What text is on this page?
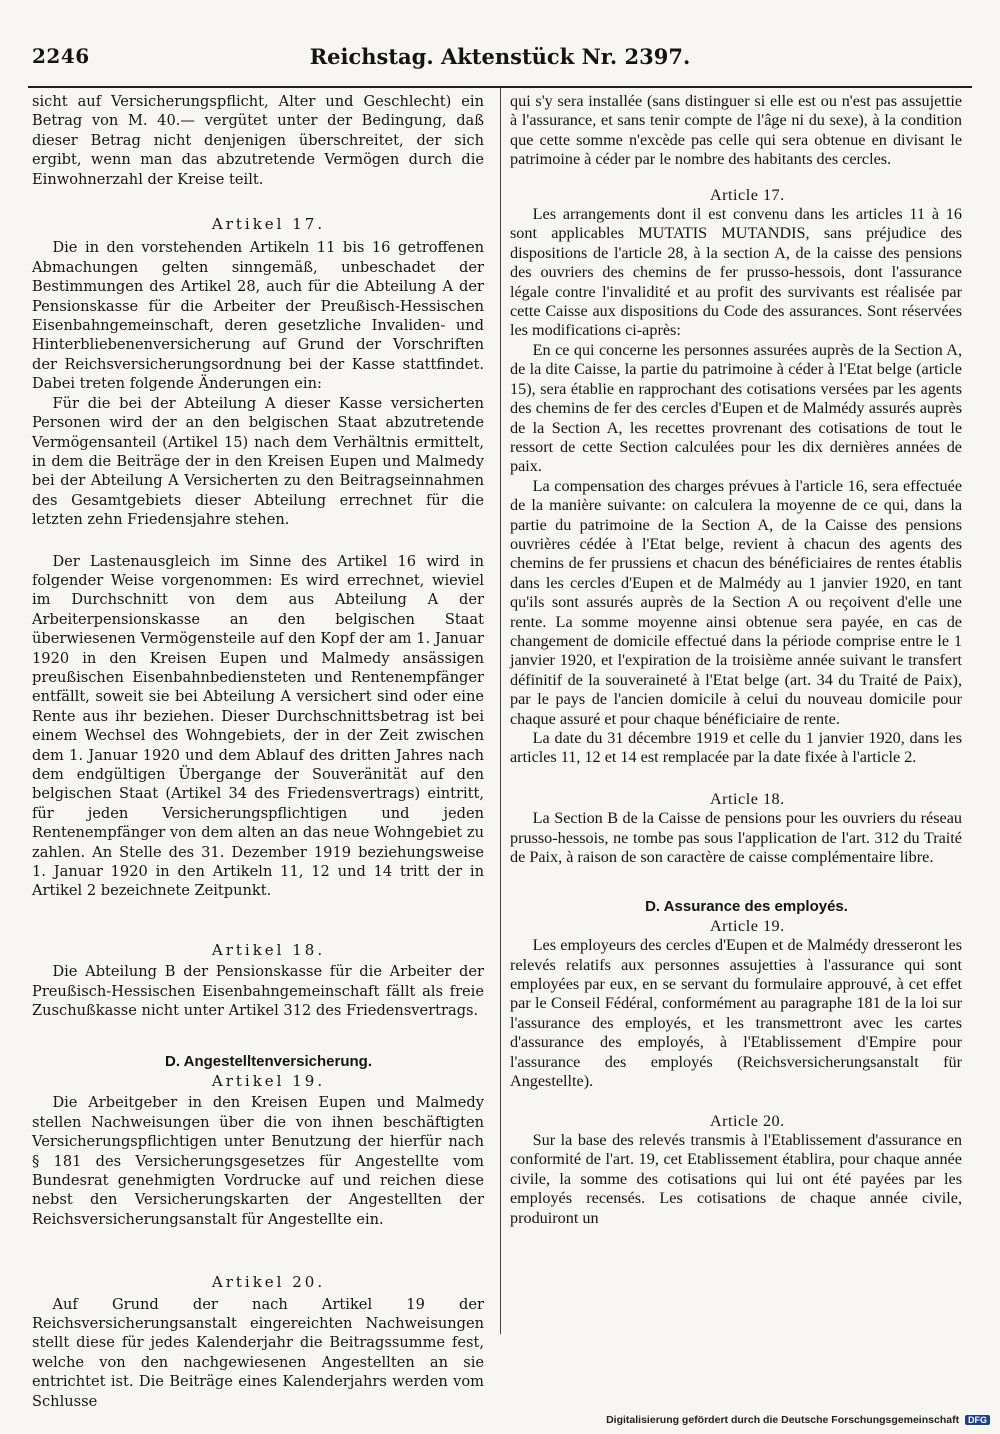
2246	Reichstag. Aktenstück Nr. 2397.

sicht auf Versicherungspflicht, Alter und Geschlecht) ein Betrag von M. 40.— vergütet unter der Bedingung, daß dieser Betrag nicht denjenigen überschreitet, der sich ergibt, wenn man das abzutretende Vermögen durch die Einwohnerzahl der Kreise teilt.

Artikel 17.

Die in den vorstehenden Artikeln 11 bis 16 getroffenen Abmachungen gelten sinngemäß, unbeschadet der Bestimmungen des Artikel 28, auch für die Abteilung A der Pensionskasse für die Arbeiter der Preußisch-Hessischen Eisenbahngemeinschaft, deren gesetzliche Invaliden- und Hinterbliebenenversicherung auf Grund der Vorschriften der Reichsversicherungsordnung bei der Kasse stattfindet. Dabei treten folgende Änderungen ein:

Für die bei der Abteilung A dieser Kasse versicherten Personen wird der an den belgischen Staat abzutretende Vermögensanteil (Artikel 15) nach dem Verhältnis ermittelt, in dem die Beiträge der in den Kreisen Eupen und Malmedy bei der Abteilung A Versicherten zu den Beitragseinnahmen des Gesamtgebiets dieser Abteilung errechnet für die letzten zehn Friedensjahre stehen.

Der Lastenausgleich im Sinne des Artikel 16 wird in folgender Weise vorgenommen: Es wird errechnet, wieviel im Durchschnitt von dem aus Abteilung A der Arbeiterpensionskasse an den belgischen Staat überwiesenen Vermögensteile auf den Kopf der am 1. Januar 1920 in den Kreisen Eupen und Malmedy ansässigen preußischen Eisenbahnbediensteten und Rentenempfänger entfällt, soweit sie bei Abteilung A versichert sind oder eine Rente aus ihr beziehen. Dieser Durchschnittsbetrag ist bei einem Wechsel des Wohngebiets, der in der Zeit zwischen dem 1. Januar 1920 und dem Ablauf des dritten Jahres nach dem endgültigen Übergange der Souveränität auf den belgischen Staat (Artikel 34 des Friedensvertrags) eintritt, für jeden Versicherungspflichtigen und jeden Rentenempfänger von dem alten an das neue Wohngebiet zu zahlen. An Stelle des 31. Dezember 1919 beziehungsweise 1. Januar 1920 in den Artikeln 11, 12 und 14 tritt der in Artikel 2 bezeichnete Zeitpunkt.

Artikel 18.

Die Abteilung B der Pensionskasse für die Arbeiter der Preußisch-Hessischen Eisenbahngemeinschaft fällt als freie Zuschußkasse nicht unter Artikel 312 des Friedensvertrags.

D. Angestelltenversicherung.

Artikel 19.

Die Arbeitgeber in den Kreisen Eupen und Malmedy stellen Nachweisungen über die von ihnen beschäftigten Versicherungspflichtigen unter Benutzung der hierfür nach § 181 des Versicherungsgesetzes für Angestellte vom Bundesrat genehmigten Vordrucke auf und reichen diese nebst den Versicherungskarten der Angestellten der Reichsversicherungsanstalt für Angestellte ein.

Artikel 20.

Auf Grund der nach Artikel 19 der Reichsversicherungsanstalt eingereichten Nachweisungen stellt diese für jedes Kalenderjahr die Beitragssumme fest, welche von den nachgewiesenen Angestellten an sie entrichtet ist. Die Beiträge eines Kalenderjahrs werden vom Schlusse

qui s'y sera installée (sans distinguer si elle est ou n'est pas assujettie à l'assurance, et sans tenir compte de l'âge ni du sexe), à la condition que cette somme n'excède pas celle qui sera obtenue en divisant le patrimoine à céder par le nombre des habitants des cercles.

Article 17.

Les arrangements dont il est convenu dans les articles 11 à 16 sont applicables MUTATIS MUTANDIS, sans préjudice des dispositions de l'article 28, à la section A, de la caisse des pensions des ouvriers des chemins de fer prusso-hessois, dont l'assurance légale contre l'invalidité et au profit des survivants est réalisée par cette Caisse aux dispositions du Code des assurances. Sont réservées les modifications ci-après:

En ce qui concerne les personnes assurées auprès de la Section A, de la dite Caisse, la partie du patrimoine à céder à l'Etat belge (article 15), sera établie en rapprochant des cotisations versées par les agents des chemins de fer des cercles d'Eupen et de Malmédy assurés auprès de la Section A, les recettes provrenant des cotisations de tout le ressort de cette Section calculées pour les dix dernières années de paix.

La compensation des charges prévues à l'article 16, sera effectuée de la manière suivante: on calculera la moyenne de ce qui, dans la partie du patrimoine de la Section A, de la Caisse des pensions ouvrières cédée à l'Etat belge, revient à chacun des agents des chemins de fer prussiens et chacun des bénéficiaires de rentes établis dans les cercles d'Eupen et de Malmédy au 1 janvier 1920, en tant qu'ils sont assurés auprès de la Section A ou reçoivent d'elle une rente. La somme moyenne ainsi obtenue sera payée, en cas de changement de domicile effectué dans la période comprise entre le 1 janvier 1920, et l'expiration de la troisième année suivant le transfert définitif de la souveraineté à l'Etat belge (art. 34 du Traité de Paix), par le pays de l'ancien domicile à celui du nouveau domicile pour chaque assuré et pour chaque bénéficiaire de rente.

La date du 31 décembre 1919 et celle du 1 janvier 1920, dans les articles 11, 12 et 14 est remplacée par la date fixée à l'article 2.

Article 18.

La Section B de la Caisse de pensions pour les ouvriers du réseau prusso-hessois, ne tombe pas sous l'application de l'art. 312 du Traité de Paix, à raison de son caractère de caisse complémentaire libre.

D. Assurance des employés.

Article 19.

Les employeurs des cercles d'Eupen et de Malmédy dresseront les relevés relatifs aux personnes assujetties à l'assurance qui sont employées par eux, en se servant du formulaire approuvé, à cet effet par le Conseil Fédéral, conformément au paragraphe 181 de la loi sur l'assurance des employés, et les transmettront avec les cartes d'assurance des employés, à l'Etablissement d'Empire pour l'assurance des employés (Reichsversicherungsanstalt für Angestellte).

Article 20.

Sur la base des relevés transmis à l'Etablissement d'assurance en conformité de l'art. 19, cet Etablissement établira, pour chaque année civile, la somme des cotisations qui lui ont été payées par les employés recensés. Les cotisations de chaque année civile, produiront un

Digitalisierung gefördert durch die Deutsche Forschungsgemeinschaft DFG
